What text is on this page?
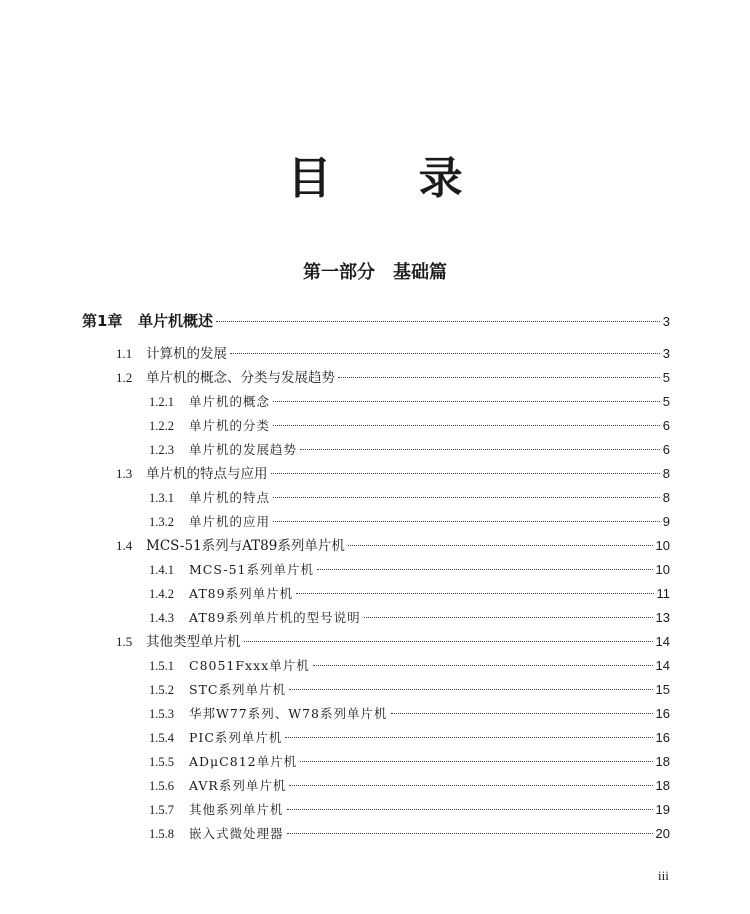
目 录
第一部分　基础篇
第1章	单片机概述	3
1.1	计算机的发展	3
1.2	单片机的概念、分类与发展趋势	5
1.2.1	单片机的概念	5
1.2.2	单片机的分类	6
1.2.3	单片机的发展趋势	6
1.3	单片机的特点与应用	8
1.3.1	单片机的特点	8
1.3.2	单片机的应用	9
1.4	MCS-51系列与AT89系列单片机	10
1.4.1	MCS-51系列单片机	10
1.4.2	AT89系列单片机	11
1.4.3	AT89系列单片机的型号说明	13
1.5	其他类型单片机	14
1.5.1	C8051Fxxx单片机	14
1.5.2	STC系列单片机	15
1.5.3	华邦W77系列、W78系列单片机	16
1.5.4	PIC系列单片机	16
1.5.5	ADμC812单片机	18
1.5.6	AVR系列单片机	18
1.5.7	其他系列单片机	19
1.5.8	嵌入式微处理器	20
iii
